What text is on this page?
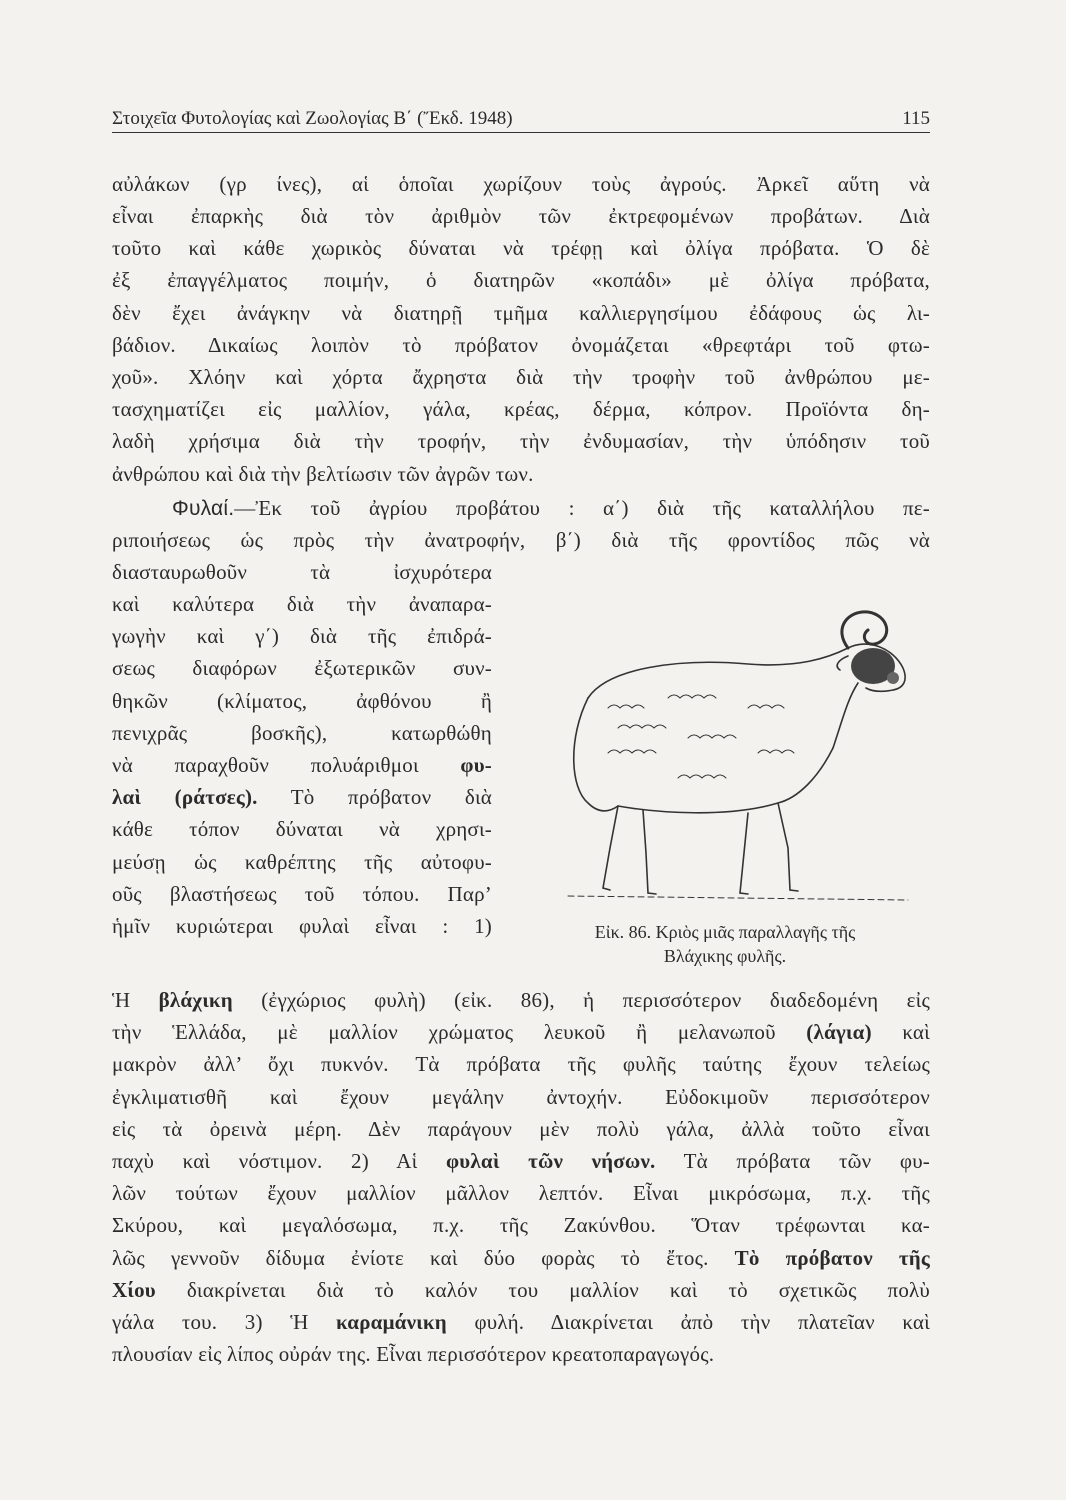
Στοιχεῖα Φυτολογίας καὶ Ζωολογίας Β΄ (Ἔκδ. 1948)	115
αὐλάκων (γρ ίνες), αἱ ὁποῖαι χωρίζουν τοὺς ἀγρούς. Ἀρκεῖ αὕτη νὰ
εἶναι ἐπαρκὴς διὰ τὸν ἀριθμὸν τῶν ἐκτρεφομένων προβάτων. Διὰ
τοῦτο καὶ κάθε χωρικὸς δύναται νὰ τρέφῃ καὶ ὀλίγα πρόβατα. Ὁ δὲ
ἐξ ἐπαγγέλματος ποιμήν, ὁ διατηρῶν «κοπάδι» μὲ ὀλίγα πρόβατα,
δὲν ἔχει ἀνάγκην νὰ διατηρῇ τμῆμα καλλιεργησίμου ἐδάφους ὡς λι-
βάδιον. Δικαίως λοιπὸν τὸ πρόβατον ὀνομάζεται «θρεφτάρι τοῦ φτω-
χοῦ». Χλόην καὶ χόρτα ἄχρηστα διὰ τὴν τροφὴν τοῦ ἀνθρώπου με-
τασχηματίζει εἰς μαλλίον, γάλα, κρέας, δέρμα, κόπρον. Προϊόντα δη-
λαδὴ χρήσιμα διὰ τὴν τροφήν, τὴν ἐνδυμασίαν, τὴν ὑπόδησιν τοῦ
ἀνθρώπου καὶ διὰ τὴν βελτίωσιν τῶν ἀγρῶν των.
Φυλαί.—Ἐκ τοῦ ἀγρίου προβάτου : α΄) διὰ τῆς καταλλήλου πε-
ριποιήσεως ὡς πρὸς τὴν ἀνατροφήν, β΄) διὰ τῆς φροντίδος πῶς νὰ
διασταυρωθοῦν τὰ ἰσχυρότερα
καὶ καλύτερα διὰ τὴν ἀναπαρα-
γωγὴν καὶ γ΄) διὰ τῆς ἐπιδρά-
σεως διαφόρων ἐξωτερικῶν συν-
θηκῶν (κλίματος, ἀφθόνου ἢ
πενιχρᾶς βοσκῆς), κατωρθώθη
νὰ παραχθοῦν πολυάριθμοι φυ-
λαὶ (ράτσες). Τὸ πρόβατον διὰ
κάθε τόπον δύναται νὰ χρησι-
μεύσῃ ὡς καθρέπτης τῆς αὐτοφυ-
οῦς βλαστήσεως τοῦ τόπου. Παρ’
ἡμῖν κυριώτεραι φυλαὶ εἶναι : 1)	Εἰκ. 86. Κριὸς μιᾶς παραλλαγῆς τῆς
Βλάχικης φυλῆς.
Ἡ βλάχικη (ἐγχώριος φυλὴ) (εἰκ. 86), ἡ περισσότερον διαδεδομένη εἰς
τὴν Ἑλλάδα, μὲ μαλλίον χρώματος λευκοῦ ἢ μελανωποῦ (λάγια) καὶ
μακρὸν ἀλλ’ ὄχι πυκνόν. Τὰ πρόβατα τῆς φυλῆς ταύτης ἔχουν τελείως
ἐγκλιματισθῆ καὶ ἔχουν μεγάλην ἀντοχήν. Εὐδοκιμοῦν περισσότερον
εἰς τὰ ὀρεινὰ μέρη. Δὲν παράγουν μὲν πολὺ γάλα, ἀλλὰ τοῦτο εἶναι
παχὺ καὶ νόστιμον. 2) Αἱ φυλαὶ τῶν νήσων. Τὰ πρόβατα τῶν φυ-
λῶν τούτων ἔχουν μαλλίον μᾶλλον λεπτόν. Εἶναι μικρόσωμα, π.χ. τῆς
Σκύρου, καὶ μεγαλόσωμα, π.χ. τῆς Ζακύνθου. Ὅταν τρέφωνται κα-
λῶς γεννοῦν δίδυμα ἐνίοτε καὶ δύο φορὰς τὸ ἔτος. Τὸ πρόβατον τῆς
Χίου διακρίνεται διὰ τὸ καλόν του μαλλίον καὶ τὸ σχετικῶς πολὺ
γάλα του. 3) Ἡ καραμάνικη φυλή. Διακρίνεται ἀπὸ τὴν πλατεῖαν καὶ
πλουσίαν εἰς λίπος οὐράν της. Εἶναι περισσότερον κρεατοπαραγωγός.
